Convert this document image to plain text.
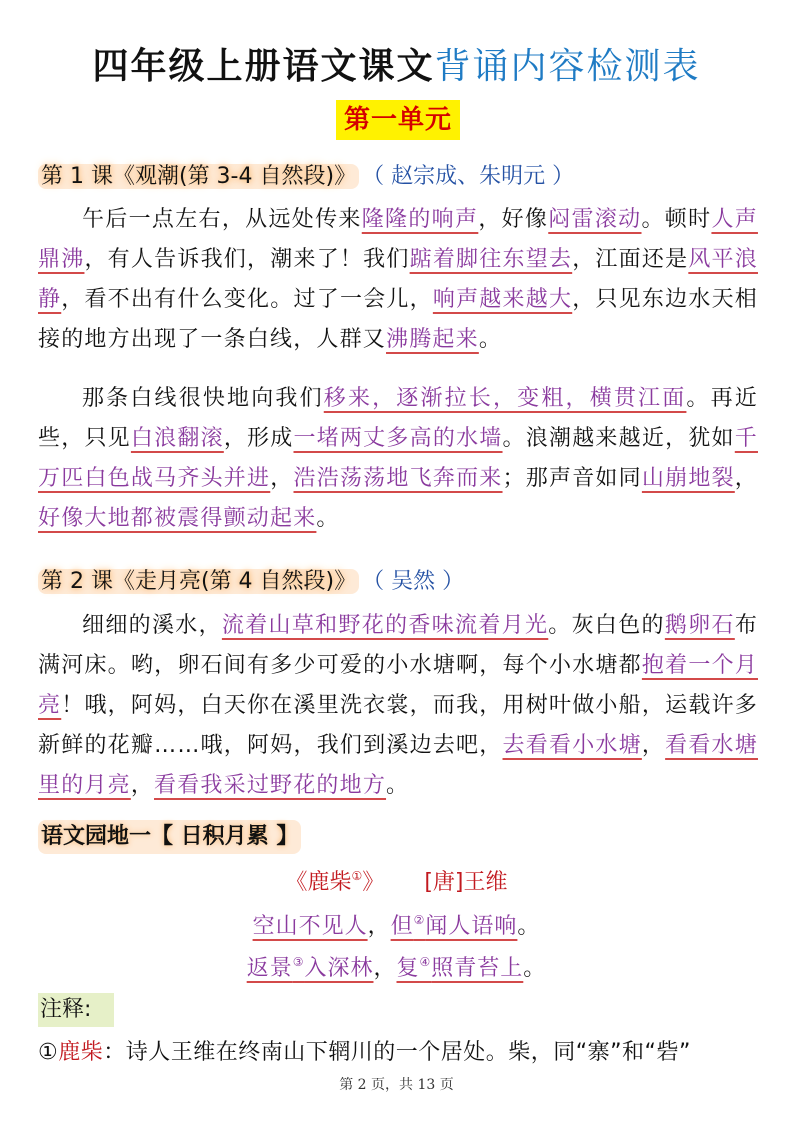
四年级上册语文课文背诵内容检测表
第一单元
第 1 课《观潮(第 3-4 自然段)》 （ 赵宗成、朱明元 ）
午后一点左右，从远处传来隆隆的响声，好像闷雷滚动。顿时人声鼎沸，有人告诉我们，潮来了！我们踮着脚往东望去，江面还是风平浪静，看不出有什么变化。过了一会儿，响声越来越大，只见东边水天相接的地方出现了一条白线，人群又沸腾起来。
那条白线很快地向我们移来，逐渐拉长，变粗，横贯江面。再近些，只见白浪翻滚，形成一堵两丈多高的水墙。浪潮越来越近，犹如千万匹白色战马齐头并进，浩浩荡荡地飞奔而来；那声音如同山崩地裂，好像大地都被震得颤动起来。
第 2 课《走月亮(第 4 自然段)》 （ 吴然 ）
细细的溪水，流着山草和野花的香味流着月光。灰白色的鹅卵石布满河床。哟，卵石间有多少可爱的小水塘啊，每个小水塘都抱着一个月亮！哦，阿妈，白天你在溪里洗衣裳，而我，用树叶做小船，运载许多新鲜的花瓣……哦，阿妈，我们到溪边去吧，去看看小水塘，看看水塘里的月亮，看看我采过野花的地方。
语文园地一【 日积月累 】
《鹿柴①》 [唐]王维
空山不见人，但②闻人语响。
返景③入深林，复④照青苔上。
注释:
①鹿柴：诗人王维在终南山下辋川的一个居处。柴，同“寨”和“砦”
第 2 页，共 13 页
